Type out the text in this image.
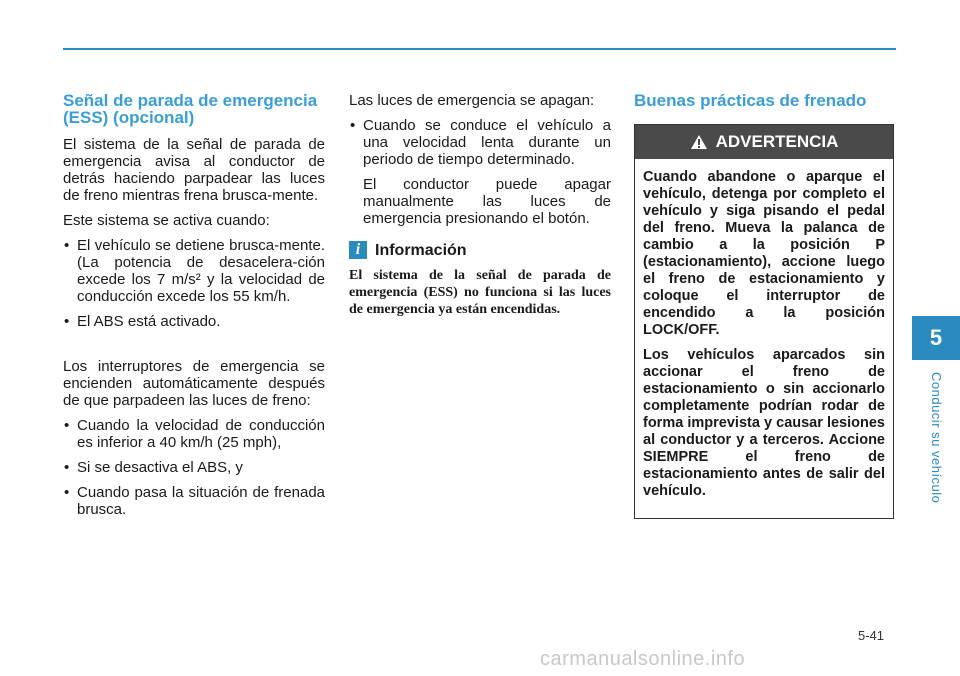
Señal de parada de emergencia (ESS) (opcional)

El sistema de la señal de parada de emergencia avisa al conductor de detrás haciendo parpadear las luces de freno mientras frena brusca-mente.

Este sistema se activa cuando:

• El vehículo se detiene brusca-mente. (La potencia de desacelera-ción excede los 7 m/s² y la velocidad de conducción excede los 55 km/h.
• El ABS está activado.

Los interruptores de emergencia se encienden automáticamente después de que parpadeen las luces de freno:

• Cuando la velocidad de conducción es inferior a 40 km/h (25 mph),
• Si se desactiva el ABS, y
• Cuando pasa la situación de frenada brusca.

Las luces de emergencia se apagan:

• Cuando se conduce el vehículo a una velocidad lenta durante un periodo de tiempo determinado.

El conductor puede apagar manualmente las luces de emergencia presionando el botón.

i Información

El sistema de la señal de parada de emergencia (ESS) no funciona si las luces de emergencia ya están encendidas.

Buenas prácticas de frenado
ADVERTENCIA

Cuando abandone o aparque el vehículo, detenga por completo el vehículo y siga pisando el pedal del freno. Mueva la palanca de cambio a la posición P (estacionamiento), accione luego el freno de estacionamiento y coloque el interruptor de encendido a la posición LOCK/OFF.

Los vehículos aparcados sin accionar el freno de estacionamiento o sin accionarlo completamente podrían rodar de forma imprevista y causar lesiones al conductor y a terceros. Accione SIEMPRE el freno de estacionamiento antes de salir del vehículo.

5
Conducir su vehículo
5-41
carmanualsonline.info
